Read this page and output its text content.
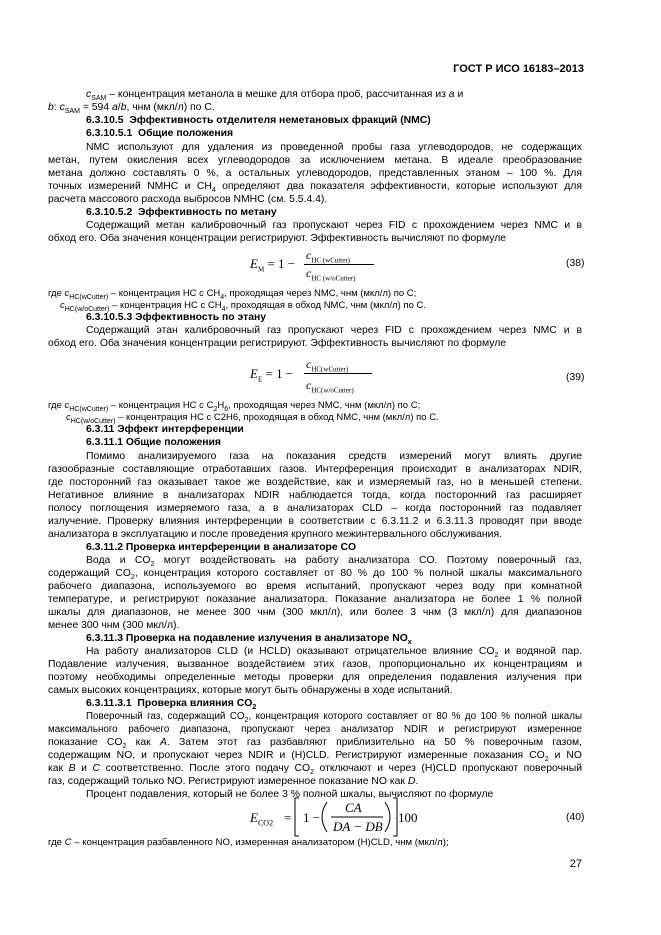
ГОСТ Р ИСО 16183–2013
$c_{SAM}$ – концентрация метанола в мешке для отбора проб, рассчитанная из a и
b: $c_{SAM} = 594$ a/b, чнм (мкл/л) по С.
6.3.10.5  Эффективность отделителя неметановых фракций (NMC)
6.3.10.5.1  Общие положения
NMC используют для удаления из проведенной пробы газа углеводородов, не содержащих
метан, путем окисления всех углеводородов за исключением метана. В идеале преобразование
метана должно составлять 0 %, а остальных углеводородов, представленных этаном – 100 %. Для
точных измерений NMHC и $CH_4$ определяют два показателя эффективности, которые используют для
расчета массового расхода выбросов NMHC (см. 5.5.4.4).
6.3.10.5.2  Эффективность по метану
Содержащий метан калибровочный газ пропускают через FID с прохождением через NMC и в
обход его. Оба значения концентрации регистрируют. Эффективность вычисляют по формуле
$E_M = 1$ −
$c_{HC (wCutter)}$
$c_{HC (w/oCutter)}$
(38)
где $c_{HC(wCutter)}$ – концентрация НС с $CH_4$, проходящая через NMC, чнм (мкл/л) по С;
$c_{HC(w/oCutter)}$ – концентрация НС с $CH_4$, проходящая в обход NMC, чнм (мкл/л) по С.
6.3.10.5.3 Эффективность по этану
Содержащий этан калибровочный газ пропускают через FID с прохождением через NMC и в
обход его. Оба значения концентрации регистрируют. Эффективность вычисляют по формуле
$E_E = 1$ −
$c_{HC(wCutter)}$
$c_{HC(w/oCutter)}$
(39)
где $c_{HC(wCutter)}$ – концентрация НС с $C_2H_6$, проходящая через NMC, чнм (мкл/л) по С;
$c_{HC(w/oCutter)}$ – концентрация НС с C2H6, проходящая в обход NMC, чнм (мкл/л) по С.
6.3.11 Эффект интерференции
6.3.11.1 Общие положения
Помимо анализируемого газа на показания средств измерений могут влиять другие
газообразные составляющие отработавших газов. Интерференция происходит в анализаторах NDIR,
где посторонний газ оказывает такое же воздействие, как и измеряемый газ, но в меньшей степени.
Негативное влияние в анализаторах NDIR наблюдается тогда, когда посторонний газ расширяет
полосу поглощения измеряемого газа, а в анализаторах CLD – когда посторонний газ подавляет
излучение. Проверку влияния интерференции в соответствии с 6.3.11.2 и 6.3.11.3 проводят при вводе
анализатора в эксплуатацию и после проведения крупного межинтервального обслуживания.
6.3.11.2 Проверка интерференции в анализаторе CO
Вода и $CO_2$ могут воздействовать на работу анализатора CO. Поэтому поверочный газ,
содержащий $CO_2$, концентрация которого составляет от 80 % до 100 % полной шкалы максимального
рабочего диапазона, используемого во время испытаний, пропускают через воду при комнатной
температуре, и регистрируют показание анализатора. Показание анализатора не более 1 % полной
шкалы для диапазонов, не менее 300 чнм (300 мкл/л), или более 3 чнм (3 мкл/л) для диапазонов
менее 300 чнм (300 мкл/л).
6.3.11.3 Проверка на подавление излучения в анализаторе $NO_x$
На работу анализаторов CLD (и HCLD) оказывают отрицательное влияние $CO_2$ и водяной пар.
Подавление излучения, вызванное воздействием этих газов, пропорционально их концентрациям и
поэтому необходимы определенные методы проверки для определения подавления излучения при
самых высоких концентрациях, которые могут быть обнаружены в ходе испытаний.
6.3.11.3.1  Проверка влияния $CO_2$
Поверочный газ, содержащий $CO_2$, концентрация которого составляет от 80 % до 100 % полной шкалы
максимального рабочего диапазона, пропускают через анализатор NDIR и регистрируют измеренное
показание $CO_2$ как A. Затем этот газ разбавляют приблизительно на 50 % поверочным газом,
содержащим NO, и пропускают через NDIR и (H)CLD. Регистрируют измеренные показания $CO_2$ и NO
как B и C соответственно. После этого подачу $CO_2$ отключают и через (H)CLD пропускают поверочный
газ, содержащий только NO. Регистрируют измеренное показание NO как D.
Процент подавления, который не более 3 % полной шкалы, вычисляют по формуле
$E_{CO2} = 1$ −
CA
DA − DB
100	(40)
где C – концентрация разбавленного NO, измеренная анализатором (H)CLD, чнм (мкл/л);
27
